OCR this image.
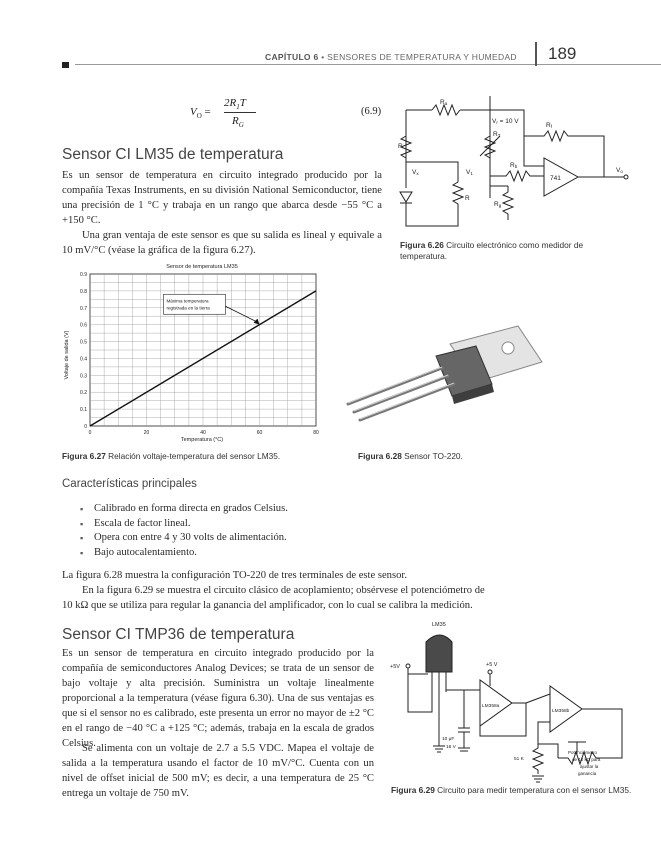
CAPÍTULO 6 • SENSORES DE TEMPERATURA Y HUMEDAD 189
$V_O$ =
$2R_1T$
$R_G$
(6.9)
Sensor CI LM35 de temperatura
Es un sensor de temperatura en circuito integrado producido por la compañía Texas Instruments, en su división National Semiconductor, tiene una precisión de 1 °C y trabaja en un rango que abarca desde −55 °C a +150 °C.
Una gran ventaja de este sensor es que su salida es lineal y equivale a 10 mV/°C (véase la gráfica de la figura 6.27).
Ra
Vr = 10 V
R
RT
Rf
V1
Vx
Rb
R
Rg
741
Vo
Figura 6.26 Circuito electrónico como medidor de temperatura.
Sensor de temperatura LM35
0
0.1
0.2
0.3
0.4
0.5
0.6
0.7
0.8
0.9
0	20	40	60	80
Máxima temperatura
registrada en la tierra
Temperatura (°C)
Voltaje de salida (V)
Figura 6.27 Relación voltaje-temperatura del sensor LM35.	Figura 6.28 Sensor TO-220.
Características principales
▪ Calibrado en forma directa en grados Celsius.
▪ Escala de factor lineal.
▪ Opera con entre 4 y 30 volts de alimentación.
▪ Bajo autocalentamiento.
La figura 6.28 muestra la configuración TO-220 de tres terminales de este sensor.
En la figura 6.29 se muestra el circuito clásico de acoplamiento; obsérvese el potenciómetro de
10 kΩ que se utiliza para regular la ganancia del amplificador, con lo cual se calibra la medición.
Sensor CI TMP36 de temperatura
Es un sensor de temperatura en circuito integrado producido por la compañía de semiconductores Analog Devices; se trata de un sensor de bajo voltaje y alta precisión. Suministra un voltaje linealmente proporcional a la temperatura (véase figura 6.30). Una de sus ventajas es que si el sensor no es calibrado, este presenta un error no mayor de ±2 °C en el rango de −40 °C a +125 °C; además, trabaja en la escala de grados Celsius.
Se alimenta con un voltaje de 2.7 a 5.5 VDC. Mapea el voltaje de salida a la temperatura usando el factor de 10 mV/°C. Cuenta con un nivel de offset inicial de 500 mV; es decir, a una temperatura de 25 °C entrega un voltaje de 750 mV.
LM35
+5V	+5 V
LM358a
LM358b
10 μF
16 V
51 K
Potenciómetro
de 10 kΩ para
ajustar la
ganancia
Figura 6.29 Circuito para medir temperatura con el sensor LM35.
